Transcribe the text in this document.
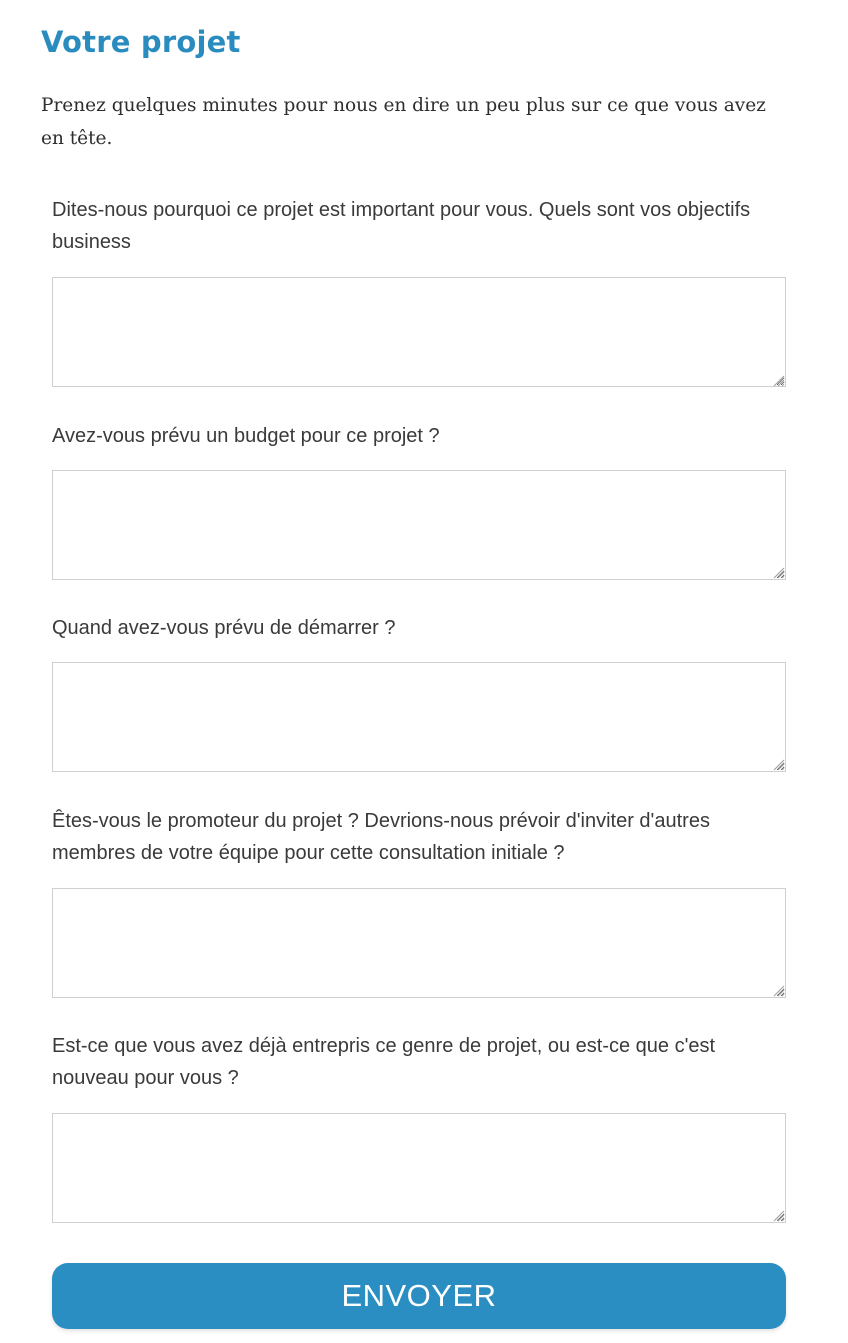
Votre projet

Prenez quelques minutes pour nous en dire un peu plus sur ce que vous avez en tête.

Dites-nous pourquoi ce projet est important pour vous. Quels sont vos objectifs business
Avez-vous prévu un budget pour ce projet ?
Quand avez-vous prévu de démarrer ?
Êtes-vous le promoteur du projet ? Devrions-nous prévoir d'inviter d'autres membres de votre équipe pour cette consultation initiale ?
Est-ce que vous avez déjà entrepris ce genre de projet, ou est-ce que c'est nouveau pour vous ?
ENVOYER
